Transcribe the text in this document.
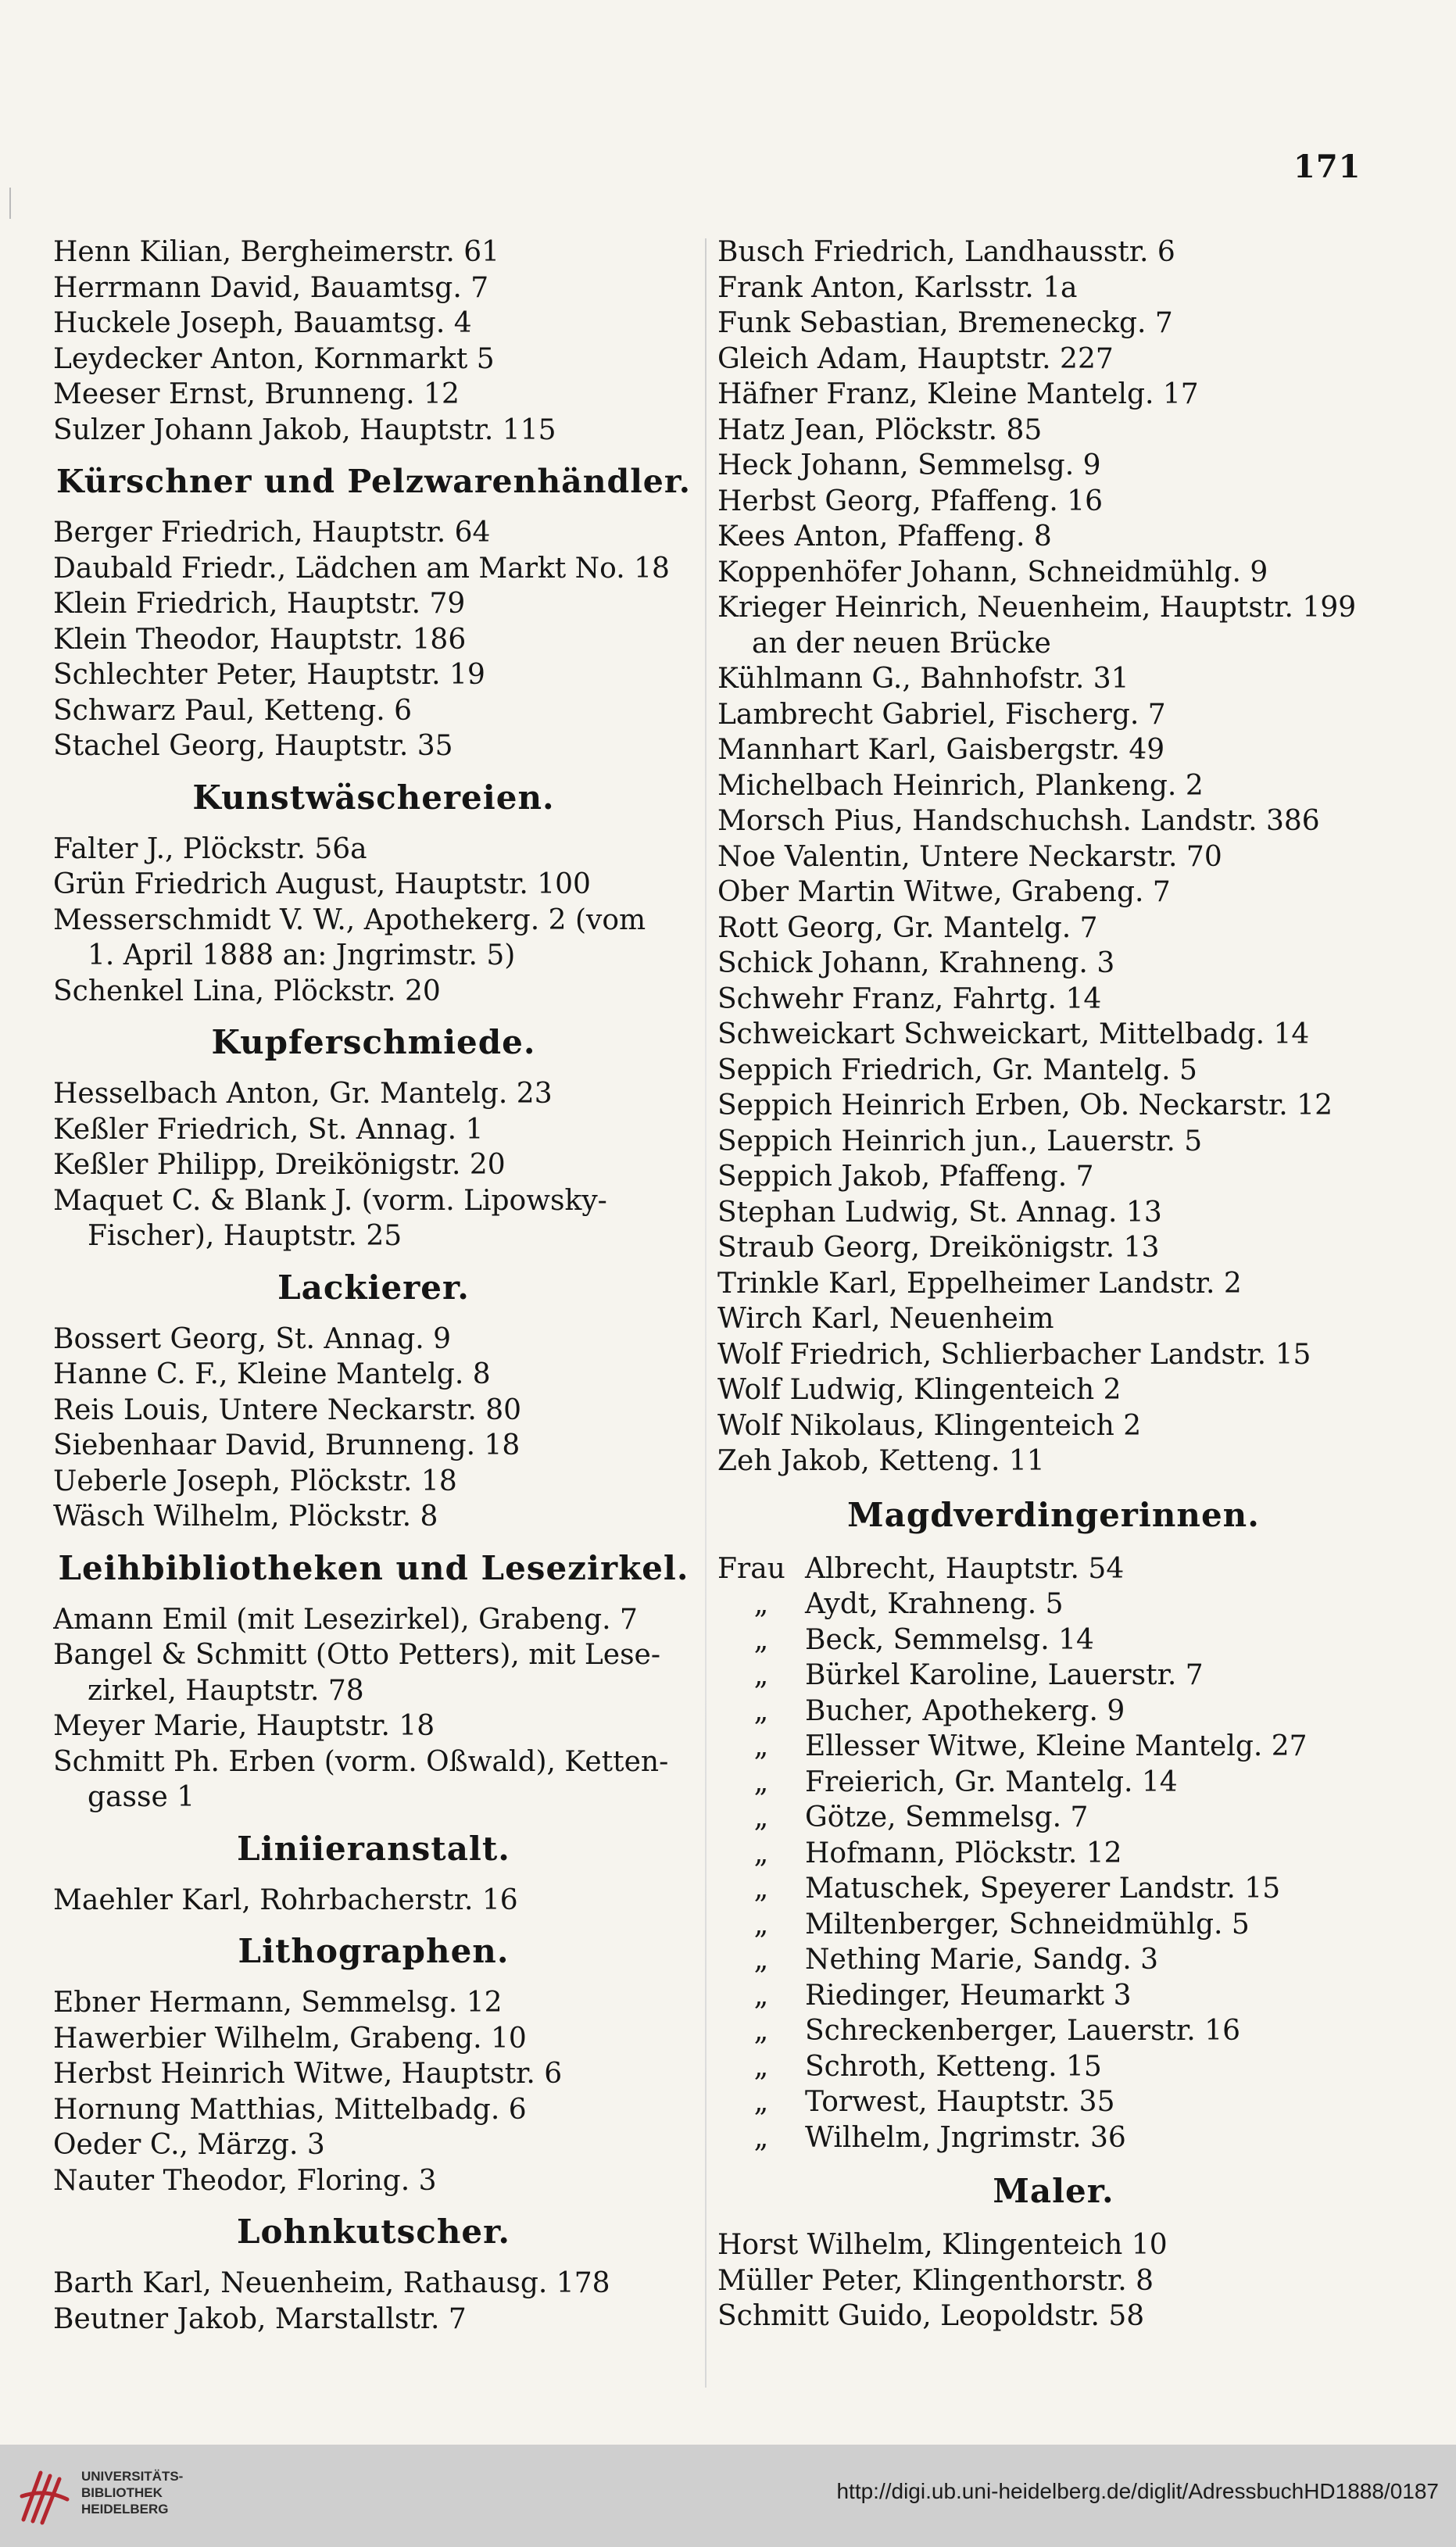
171
Henn Kilian, Bergheimerstr. 61
Herrmann David, Bauamtsg. 7
Huckele Joseph, Bauamtsg. 4
Leydecker Anton, Kornmarkt 5
Meeser Ernst, Brunneng. 12
Sulzer Johann Jakob, Hauptstr. 115
Kürschner und Pelzwarenhändler.
Berger Friedrich, Hauptstr. 64
Daubald Friedr., Lädchen am Markt No. 18
Klein Friedrich, Hauptstr. 79
Klein Theodor, Hauptstr. 186
Schlechter Peter, Hauptstr. 19
Schwarz Paul, Ketteng. 6
Stachel Georg, Hauptstr. 35
Kunstwäschereien.
Falter J., Plöckstr. 56a
Grün Friedrich August, Hauptstr. 100
Messerschmidt V. W., Apothekerg. 2 (vom
1. April 1888 an: Jngrimstr. 5)
Schenkel Lina, Plöckstr. 20
Kupferschmiede.
Hesselbach Anton, Gr. Mantelg. 23
Keßler Friedrich, St. Annag. 1
Keßler Philipp, Dreikönigstr. 20
Maquet C. & Blank J. (vorm. Lipowsky-
Fischer), Hauptstr. 25
Lackierer.
Bossert Georg, St. Annag. 9
Hanne C. F., Kleine Mantelg. 8
Reis Louis, Untere Neckarstr. 80
Siebenhaar David, Brunneng. 18
Ueberle Joseph, Plöckstr. 18
Wäsch Wilhelm, Plöckstr. 8
Leihbibliotheken und Lesezirkel.
Amann Emil (mit Lesezirkel), Grabeng. 7
Bangel & Schmitt (Otto Petters), mit Lese-
zirkel, Hauptstr. 78
Meyer Marie, Hauptstr. 18
Schmitt Ph. Erben (vorm. Oßwald), Ketten-
gasse 1
Liniieranstalt.
Maehler Karl, Rohrbacherstr. 16
Lithographen.
Ebner Hermann, Semmelsg. 12
Hawerbier Wilhelm, Grabeng. 10
Herbst Heinrich Witwe, Hauptstr. 6
Hornung Matthias, Mittelbadg. 6
Oeder C., Märzg. 3
Nauter Theodor, Floring. 3
Lohnkutscher.
Barth Karl, Neuenheim, Rathausg. 178
Beutner Jakob, Marstallstr. 7
Busch Friedrich, Landhausstr. 6
Frank Anton, Karlsstr. 1a
Funk Sebastian, Bremeneckg. 7
Gleich Adam, Hauptstr. 227
Häfner Franz, Kleine Mantelg. 17
Hatz Jean, Plöckstr. 85
Heck Johann, Semmelsg. 9
Herbst Georg, Pfaffeng. 16
Kees Anton, Pfaffeng. 8
Koppenhöfer Johann, Schneidmühlg. 9
Krieger Heinrich, Neuenheim, Hauptstr. 199
an der neuen Brücke
Kühlmann G., Bahnhofstr. 31
Lambrecht Gabriel, Fischerg. 7
Mannhart Karl, Gaisbergstr. 49
Michelbach Heinrich, Plankeng. 2
Morsch Pius, Handschuchsh. Landstr. 386
Noe Valentin, Untere Neckarstr. 70
Ober Martin Witwe, Grabeng. 7
Rott Georg, Gr. Mantelg. 7
Schick Johann, Krahneng. 3
Schwehr Franz, Fahrtg. 14
Schweickart Schweickart, Mittelbadg. 14
Seppich Friedrich, Gr. Mantelg. 5
Seppich Heinrich Erben, Ob. Neckarstr. 12
Seppich Heinrich jun., Lauerstr. 5
Seppich Jakob, Pfaffeng. 7
Stephan Ludwig, St. Annag. 13
Straub Georg, Dreikönigstr. 13
Trinkle Karl, Eppelheimer Landstr. 2
Wirch Karl, Neuenheim
Wolf Friedrich, Schlierbacher Landstr. 15
Wolf Ludwig, Klingenteich 2
Wolf Nikolaus, Klingenteich 2
Zeh Jakob, Ketteng. 11
Magdverdingerinnen.
Frau Albrecht, Hauptstr. 54
„ Aydt, Krahneng. 5
„ Beck, Semmelsg. 14
„ Bürkel Karoline, Lauerstr. 7
„ Bucher, Apothekerg. 9
„ Ellesser Witwe, Kleine Mantelg. 27
„ Freierich, Gr. Mantelg. 14
„ Götze, Semmelsg. 7
„ Hofmann, Plöckstr. 12
„ Matuschek, Speyerer Landstr. 15
„ Miltenberger, Schneidmühlg. 5
„ Nething Marie, Sandg. 3
„ Riedinger, Heumarkt 3
„ Schreckenberger, Lauerstr. 16
„ Schroth, Ketteng. 15
„ Torwest, Hauptstr. 35
„ Wilhelm, Jngrimstr. 36
Maler.
Horst Wilhelm, Klingenteich 10
Müller Peter, Klingenthorstr. 8
Schmitt Guido, Leopoldstr. 58
UNIVERSITÄTS-
BIBLIOTHEK
HEIDELBERG
http://digi.ub.uni-heidelberg.de/diglit/AdressbuchHD1888/0187
